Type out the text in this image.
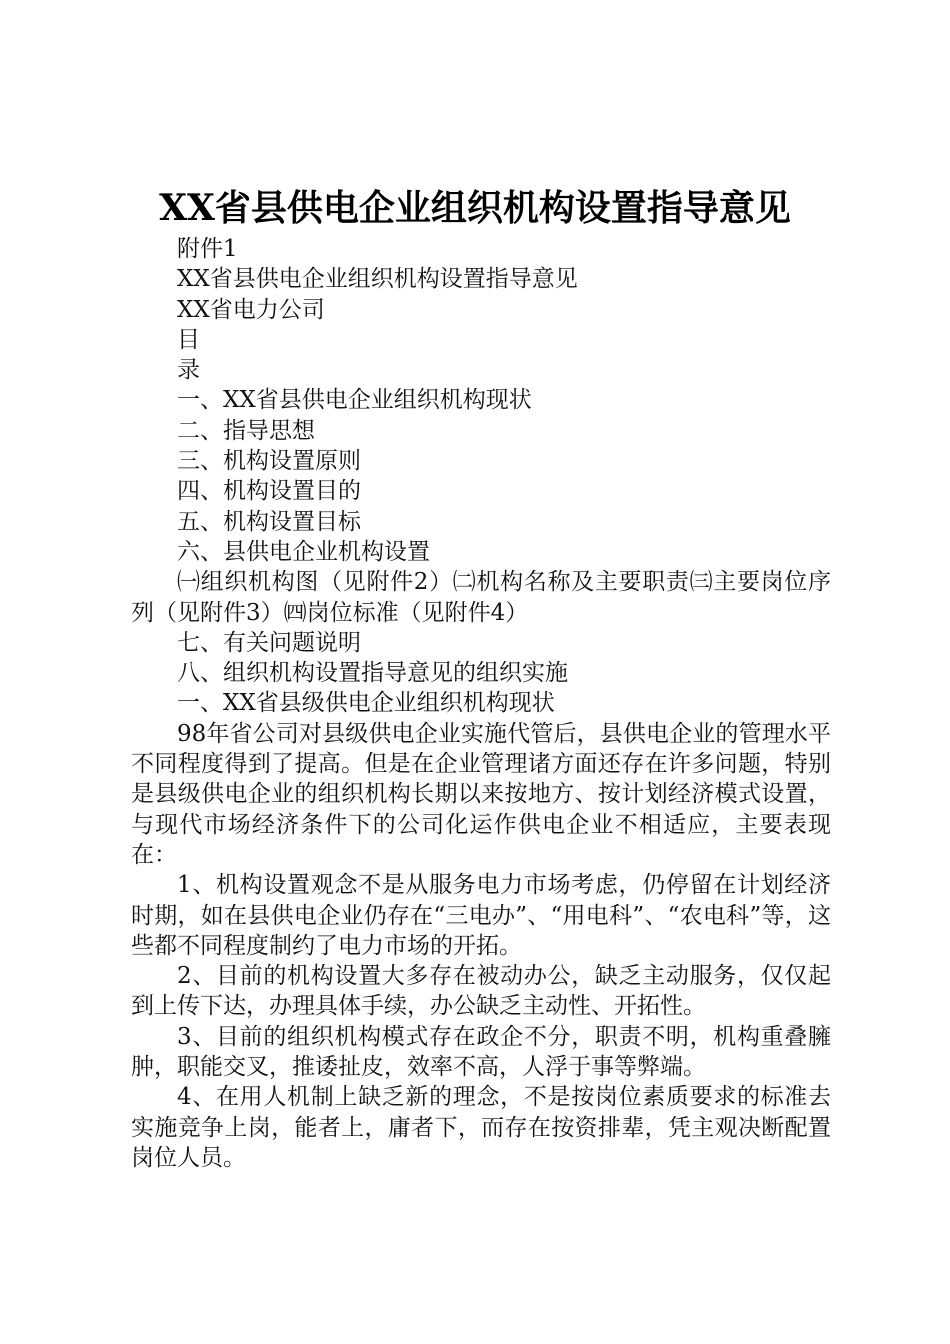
XX省县供电企业组织机构设置指导意见

附件1

XX省县供电企业组织机构设置指导意见

XX省电力公司

目

录

一、XX省县供电企业组织机构现状

二、指导思想

三、机构设置原则

四、机构设置目的

五、机构设置目标

六、县供电企业机构设置

㈠组织机构图（见附件2）㈡机构名称及主要职责㈢主要岗位序列（见附件3）㈣岗位标准（见附件4）

七、有关问题说明

八、组织机构设置指导意见的组织实施

一、XX省县级供电企业组织机构现状

98年省公司对县级供电企业实施代管后，县供电企业的管理水平不同程度得到了提高。但是在企业管理诸方面还存在许多问题，特别是县级供电企业的组织机构长期以来按地方、按计划经济模式设置，与现代市场经济条件下的公司化运作供电企业不相适应，主要表现在：

1、机构设置观念不是从服务电力市场考虑，仍停留在计划经济时期，如在县供电企业仍存在“三电办”、“用电科”、“农电科”等，这些都不同程度制约了电力市场的开拓。

2、目前的机构设置大多存在被动办公，缺乏主动服务，仅仅起到上传下达，办理具体手续，办公缺乏主动性、开拓性。

3、目前的组织机构模式存在政企不分，职责不明，机构重叠臃肿，职能交叉，推诿扯皮，效率不高，人浮于事等弊端。

4、在用人机制上缺乏新的理念，不是按岗位素质要求的标准去实施竞争上岗，能者上，庸者下，而存在按资排辈，凭主观决断配置岗位人员。
